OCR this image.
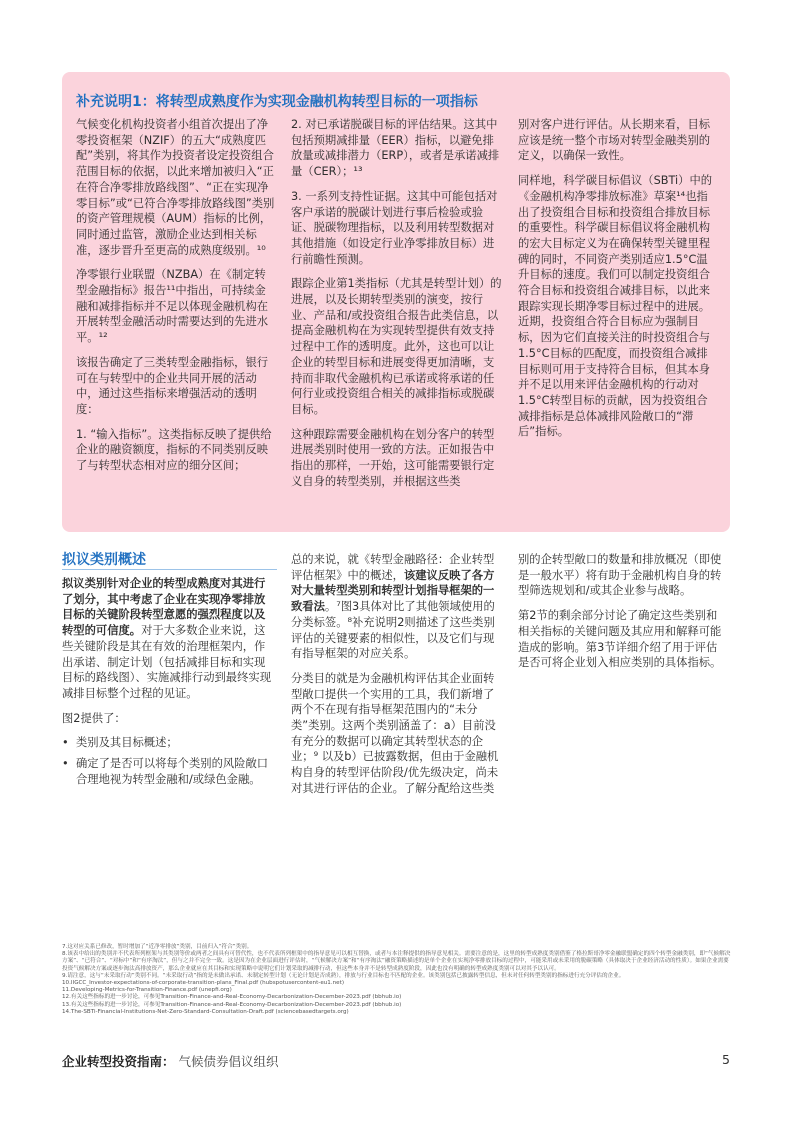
补充说明1：将转型成熟度作为实现金融机构转型目标的一项指标

气候变化机构投资者小组首次提出了净零投资框架（NZIF）的五大“成熟度匹配”类别，将其作为投资者设定投资组合范围目标的依据，以此来增加被归入“正在符合净零排放路线图”、“正在实现净零目标”或“已符合净零排放路线图”类别的资产管理规模（AUM）指标的比例，同时通过监管，激励企业达到相关标准，逐步晋升至更高的成熟度级别。¹⁰

净零银行业联盟（NZBA）在《制定转型金融指标》报告¹¹中指出，可持续金融和减排指标并不足以体现金融机构在开展转型金融活动时需要达到的先进水平。¹²

该报告确定了三类转型金融指标，银行可在与转型中的企业共同开展的活动中，通过这些指标来增强活动的透明度：

1. “输入指标”。这类指标反映了提供给企业的融资额度，指标的不同类别反映了与转型状态相对应的细分区间；

2. 对已承诺脱碳目标的评估结果。这其中包括预期减排量（EER）指标，以避免排放量或减排潜力（ERP），或者是承诺减排量（CER）；¹³

3. 一系列支持性证据。这其中可能包括对客户承诺的脱碳计划进行事后检验或验证、脱碳物理指标，以及利用转型数据对其他措施（如设定行业净零排放目标）进行前瞻性预测。

跟踪企业第1类指标（尤其是转型计划）的进展，以及长期转型类别的演变，按行业、产品和/或投资组合报告此类信息，以提高金融机构在为实现转型提供有效支持过程中工作的透明度。此外，这也可以让企业的转型目标和进展变得更加清晰，支持而非取代金融机构已承诺或将承诺的任何行业或投资组合相关的减排指标或脱碳目标。

这种跟踪需要金融机构在划分客户的转型进展类别时使用一致的方法。正如报告中指出的那样，一开始，这可能需要银行定义自身的转型类别，并根据这些类

别对客户进行评估。从长期来看，目标应该是统一整个市场对转型金融类别的定义，以确保一致性。

同样地，科学碳目标倡议（SBTi）中的《金融机构净零排放标准》草案¹⁴也指出了投资组合目标和投资组合排放目标的重要性。科学碳目标倡议将金融机构的宏大目标定义为在确保转型关键里程碑的同时，不同资产类别适应1.5°C温升目标的速度。我们可以制定投资组合符合目标和投资组合减排目标，以此来跟踪实现长期净零目标过程中的进展。近期，投资组合符合目标应为强制目标，因为它们直接关注的时投资组合与1.5°C目标的匹配度，而投资组合减排目标则可用于支持符合目标，但其本身并不足以用来评估金融机构的行动对1.5°C转型目标的贡献，因为投资组合减排指标是总体减排风险敞口的“滞后”指标。

拟议类别概述

拟议类别针对企业的转型成熟度对其进行了划分，其中考虑了企业在实现净零排放目标的关键阶段转型意愿的强烈程度以及转型的可信度。对于大多数企业来说，这些关键阶段是其在有效的治理框架内，作出承诺、制定计划（包括减排目标和实现目标的路线图）、实施减排行动到最终实现减排目标整个过程的见证。

图2提供了：

• 类别及其目标概述；
• 确定了是否可以将每个类别的风险敞口合理地视为转型金融和/或绿色金融。

总的来说，就《转型金融路径：企业转型评估框架》中的概述，该建议反映了各方对大量转型类别和转型计划指导框架的一致看法。⁷图3具体对比了其他领域使用的分类标签。⁸补充说明2则描述了这些类别评估的关键要素的相似性，以及它们与现有指导框架的对应关系。

分类目的就是为金融机构评估其企业面转型敞口提供一个实用的工具，我们新增了两个不在现有指导框架范围内的“未分类”类别。这两个类别涵盖了：a）目前没有充分的数据可以确定其转型状态的企业；⁹ 以及b）已披露数据，但由于金融机构自身的转型评估阶段/优先级决定，尚未对其进行评估的企业。了解分配给这些类

别的企转型敞口的数量和排放概况（即使是一般水平）将有助于金融机构自身的转型筛选规划和/或其企业参与战略。

第2节的剩余部分讨论了确定这些类别和相关指标的关键问题及其应用和解释可能造成的影响。第3节详细介绍了用于评估是否可将企业划入相应类别的具体指标。

7.这对应关系已修改，暂时增加了“近净零排放”类别，目前归入“符合”类别。
8.该表中给出的类别并不代表所列框架与其类别等价或两者之间具有可替代性，也不代表所列框架中的指导意见可以相互替换，或者与本注释提供的指导意见相关。需要注意的是，这里的转型成熟度类别借鉴了格拉斯哥净零金融联盟确定的四个转型金融类别，即“气候解决方案”、“已符合”、“对标中”和“有序淘汰”，但与之并不完全一致。这是因为在企业层面进行评估时，“气候解决方案”和“有序淘汰”融资策略描述的是单个企业在实现净零排放目标的过程中，可能采用或未采用的脱碳策略（具体取决于企业经济活动的性质）。如果企业需要投资气候解决方案或逐步淘汰高排放资产，那么企业就应在其目标和实现策略中说明它们计划采取的减排行动，但这些本身并不是转型成熟度阶段，因此也没有明确的转型成熟度类别可以对其予以认可。
9.请注意，这与“未采取行动”类别不同。“未采取行动”指的是未做出承诺、未制定转型计划（无论计划是否成熟），排放与行业目标也不匹配的企业。该类别包括已披露转型信息，但未对任何转型类别的指标进行充分评估的企业。
10.IIGCC_Investor-expectations-of-corporate-transition-plans_Final.pdf (hubspotusercontent-eu1.net)
11.Developing-Metrics-for-Transition-Finance.pdf (unepfi.org)
12.有关这些指标的进一步讨论，可参见Transition-Finance-and-Real-Economy-Decarbonization-December-2023.pdf (bbhub.io)
13.有关这些指标的进一步讨论，可参见Transition-Finance-and-Real-Economy-Decarbonization-December-2023.pdf (bbhub.io)
14.The-SBTi-Financial-Institutions-Net-Zero-Standard-Consultation-Draft.pdf (sciencebasedtargets.org)
企业转型投资指南： 气候债券倡议组织	5
